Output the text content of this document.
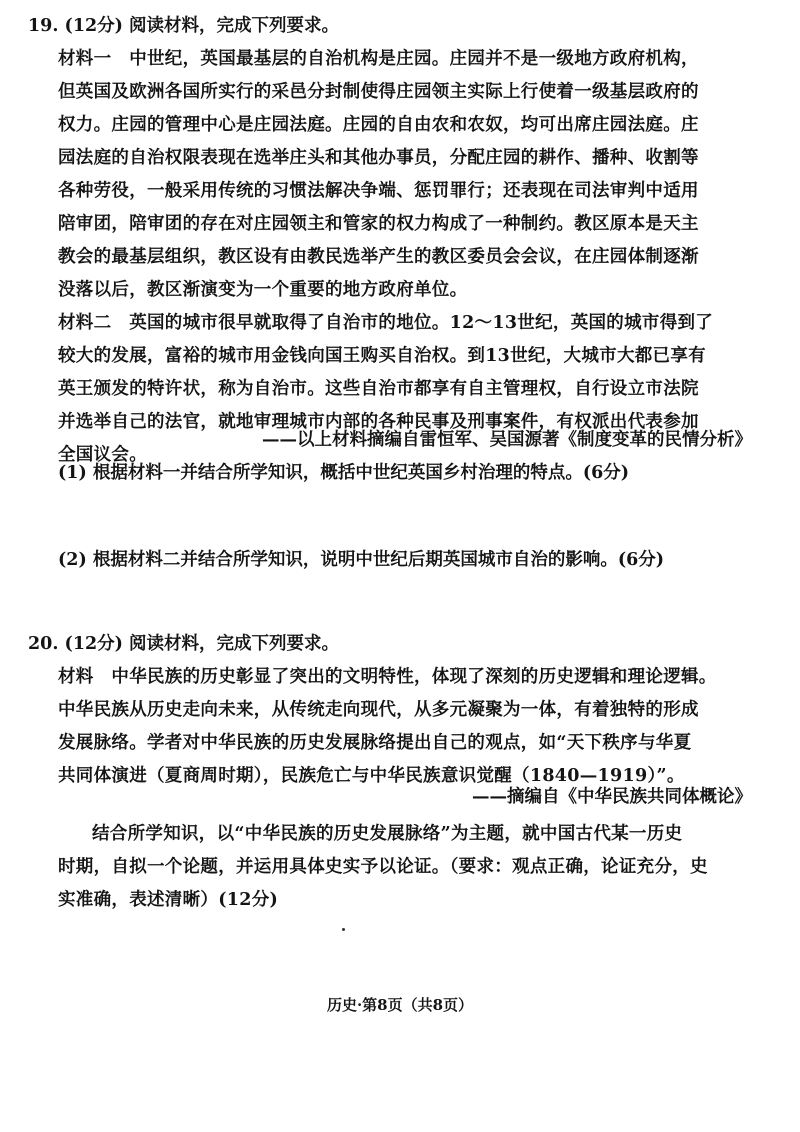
19. (12分) 阅读材料，完成下列要求。
材料一　中世纪，英国最基层的自治机构是庄园。庄园并不是一级地方政府机构，
但英国及欧洲各国所实行的采邑分封制使得庄园领主实际上行使着一级基层政府的
权力。庄园的管理中心是庄园法庭。庄园的自由农和农奴，均可出席庄园法庭。庄
园法庭的自治权限表现在选举庄头和其他办事员，分配庄园的耕作、播种、收割等
各种劳役，一般采用传统的习惯法解决争端、惩罚罪行；还表现在司法审判中适用
陪审团，陪审团的存在对庄园领主和管家的权力构成了一种制约。教区原本是天主
教会的最基层组织，教区设有由教民选举产生的教区委员会会议，在庄园体制逐渐
没落以后，教区渐演变为一个重要的地方政府单位。
材料二　英国的城市很早就取得了自治市的地位。12～13世纪，英国的城市得到了
较大的发展，富裕的城市用金钱向国王购买自治权。到13世纪，大城市大都已享有
英王颁发的特许状，称为自治市。这些自治市都享有自主管理权，自行设立市法院
并选举自己的法官，就地审理城市内部的各种民事及刑事案件，有权派出代表参加
全国议会。
——以上材料摘编自雷恒军、吴国源著《制度变革的民情分析》
(1) 根据材料一并结合所学知识，概括中世纪英国乡村治理的特点。(6分)
(2) 根据材料二并结合所学知识，说明中世纪后期英国城市自治的影响。(6分)
20. (12分) 阅读材料，完成下列要求。
材料　中华民族的历史彰显了突出的文明特性，体现了深刻的历史逻辑和理论逻辑。
中华民族从历史走向未来，从传统走向现代，从多元凝聚为一体，有着独特的形成
发展脉络。学者对中华民族的历史发展脉络提出自己的观点，如“天下秩序与华夏
共同体演进（夏商周时期），民族危亡与中华民族意识觉醒（1840—1919）”。
——摘编自《中华民族共同体概论》
结合所学知识，以“中华民族的历史发展脉络”为主题，就中国古代某一历史
时期，自拟一个论题，并运用具体史实予以论证。（要求：观点正确，论证充分，史
实准确，表述清晰）(12分)
历史·第8页（共8页）
